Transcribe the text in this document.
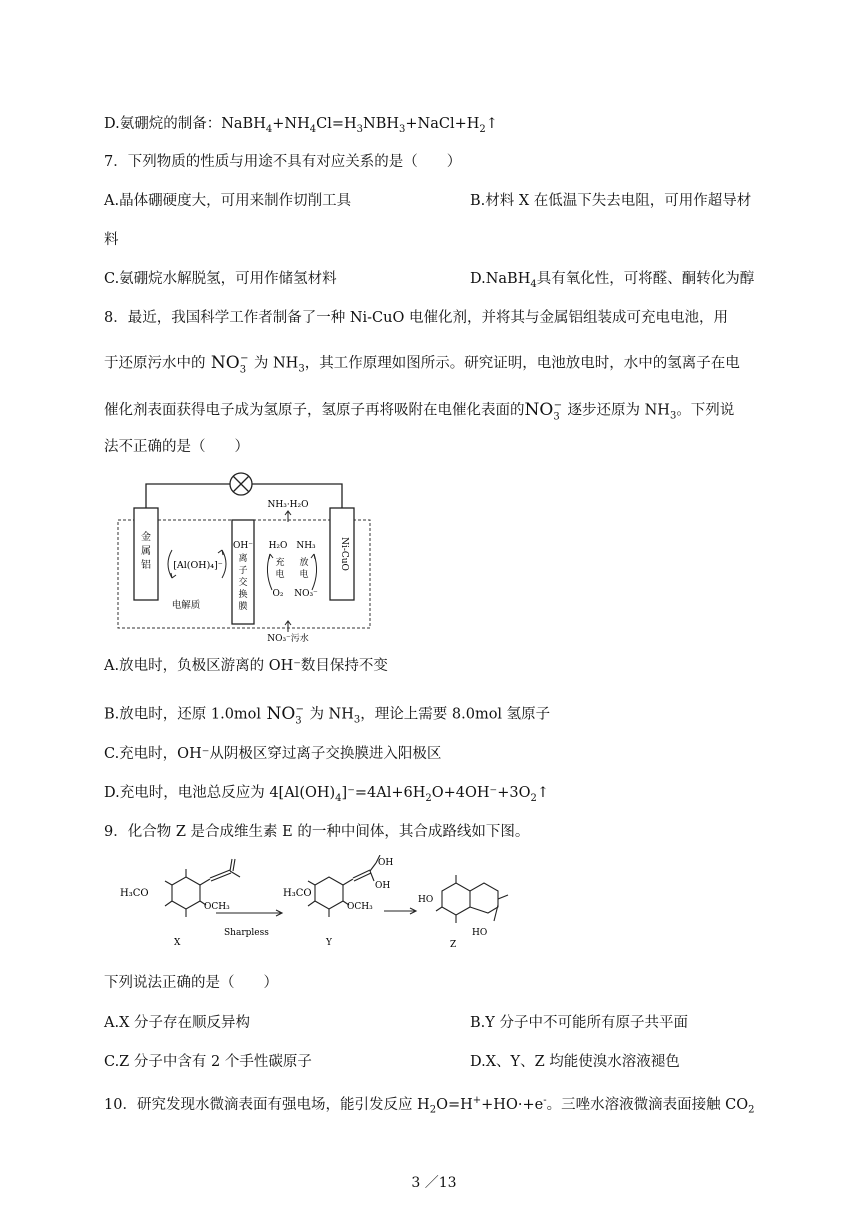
D.氨硼烷的制备：$NaBH_4+NH_4Cl=H_3NBH_3+NaCl+H_2↑$
7．下列物质的性质与用途不具有对应关系的是（　　）
A.晶体硼硬度大，可用来制作切削工具	B.材料 X 在低温下失去电阻，可用作超导材
料
C.氨硼烷水解脱氢，可用作储氢材料	D.NaBH$_4$具有氧化性，可将醛、酮转化为醇
8．最近，我国科学工作者制备了一种 Ni-CuO 电催化剂，并将其与金属铝组装成可充电电池，用
于还原污水中的 $NO_3^-$ 为 $NH_3$，其工作原理如图所示。研究证明，电池放电时，水中的氢离子在电
催化剂表面获得电子成为氢原子，氢原子再将吸附在电催化表面的$NO_3^-$ 逐步还原为 $NH_3$。下列说
法不正确的是（　　）
金
属
铝	Ni-CuO
OH⁻
离
子
交
换
膜
[Al(OH)₄]⁻
电解质
H₂O NH₃
充
电
放
电
O₂ NO₃⁻
NH₃·H₂O
NO₃⁻污水
A.放电时，负极区游离的 OH⁻数目保持不变
B.放电时，还原 1.0mol $NO_3^-$ 为 $NH_3$，理论上需要 8.0mol 氢原子
C.充电时，OH⁻从阴极区穿过离子交换膜进入阳极区
D.充电时，电池总反应为 $4[Al(OH)_4]^-=4Al+6H_2O+4OH^-+3O_2↑$
9．化合物 Z 是合成维生素 E 的一种中间体，其合成路线如下图。
H₃CO
OCH₃
Sharpless
H₃CO
OCH₃
OH
OH
HO
HO
X	Y	Z
下列说法正确的是（　　）
A.X 分子存在顺反异构	B.Y 分子中不可能所有原子共平面
C.Z 分子中含有 2 个手性碳原子	D.X、Y、Z 均能使溴水溶液褪色
10．研究发现水微滴表面有强电场，能引发反应 $H_2O=H^++HO\cdot+e^-$。三唑水溶液微滴表面接触 $CO_2$
3 ／13
